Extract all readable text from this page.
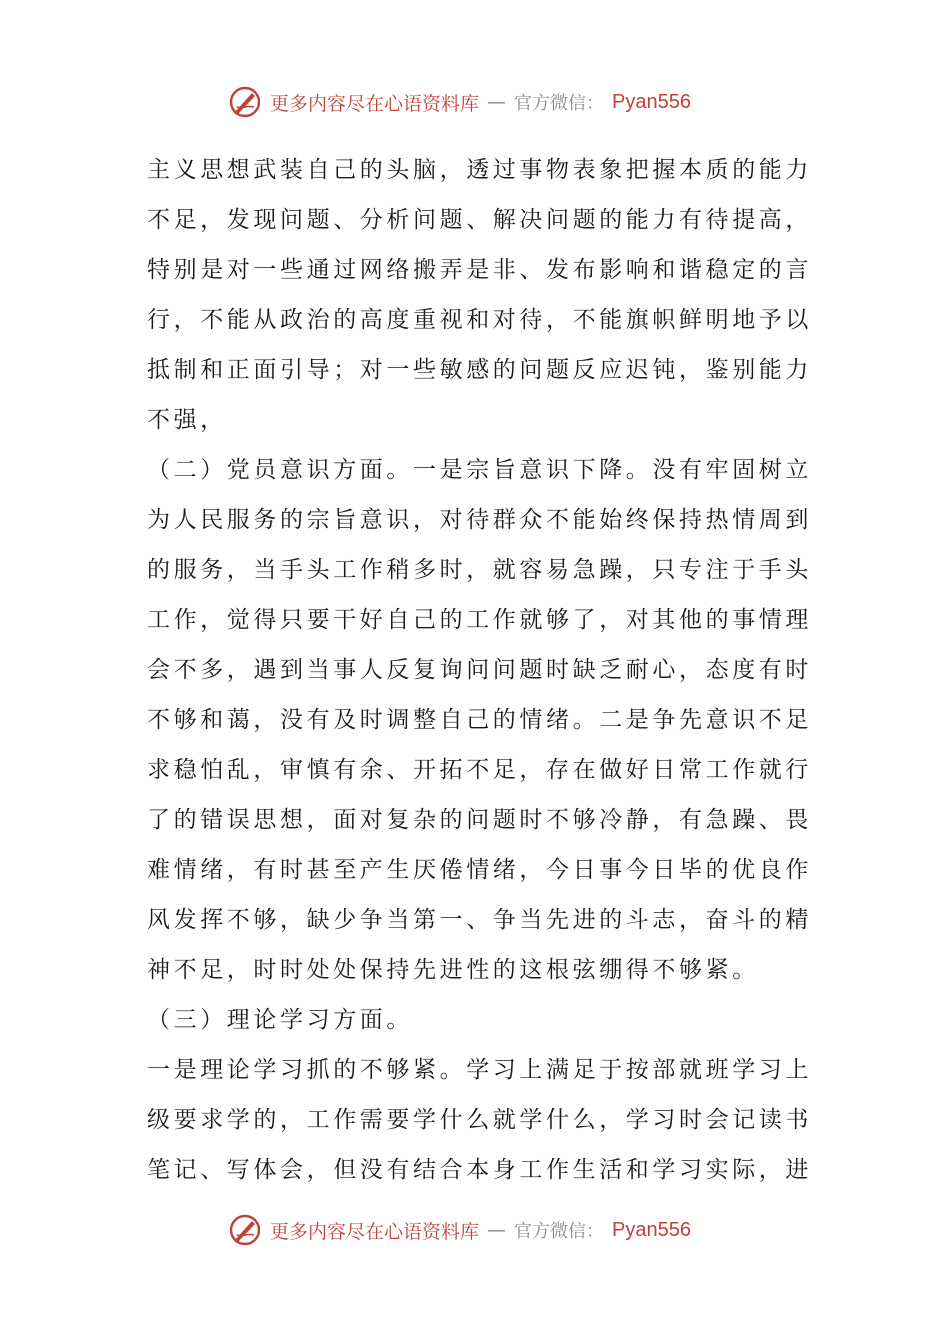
更多内容尽在心语资料库 — 官方微信： Pyan556
主义思想武装自己的头脑，透过事物表象把握本质的能力
不足，发现问题、分析问题、解决问题的能力有待提高，
特别是对一些通过网络搬弄是非、发布影响和谐稳定的言
行，不能从政治的高度重视和对待，不能旗帜鲜明地予以
抵制和正面引导；对一些敏感的问题反应迟钝，鉴别能力
不强，
（二）党员意识方面。一是宗旨意识下降。没有牢固树立
为人民服务的宗旨意识，对待群众不能始终保持热情周到
的服务，当手头工作稍多时，就容易急躁，只专注于手头
工作，觉得只要干好自己的工作就够了，对其他的事情理
会不多，遇到当事人反复询问问题时缺乏耐心，态度有时
不够和蔼，没有及时调整自己的情绪。二是争先意识不足
求稳怕乱，审慎有余、开拓不足，存在做好日常工作就行
了的错误思想，面对复杂的问题时不够冷静，有急躁、畏
难情绪，有时甚至产生厌倦情绪，今日事今日毕的优良作
风发挥不够，缺少争当第一、争当先进的斗志，奋斗的精
神不足，时时处处保持先进性的这根弦绷得不够紧。
（三）理论学习方面。
一是理论学习抓的不够紧。学习上满足于按部就班学习上
级要求学的，工作需要学什么就学什么，学习时会记读书
笔记、写体会，但没有结合本身工作生活和学习实际，进
更多内容尽在心语资料库 — 官方微信： Pyan556
